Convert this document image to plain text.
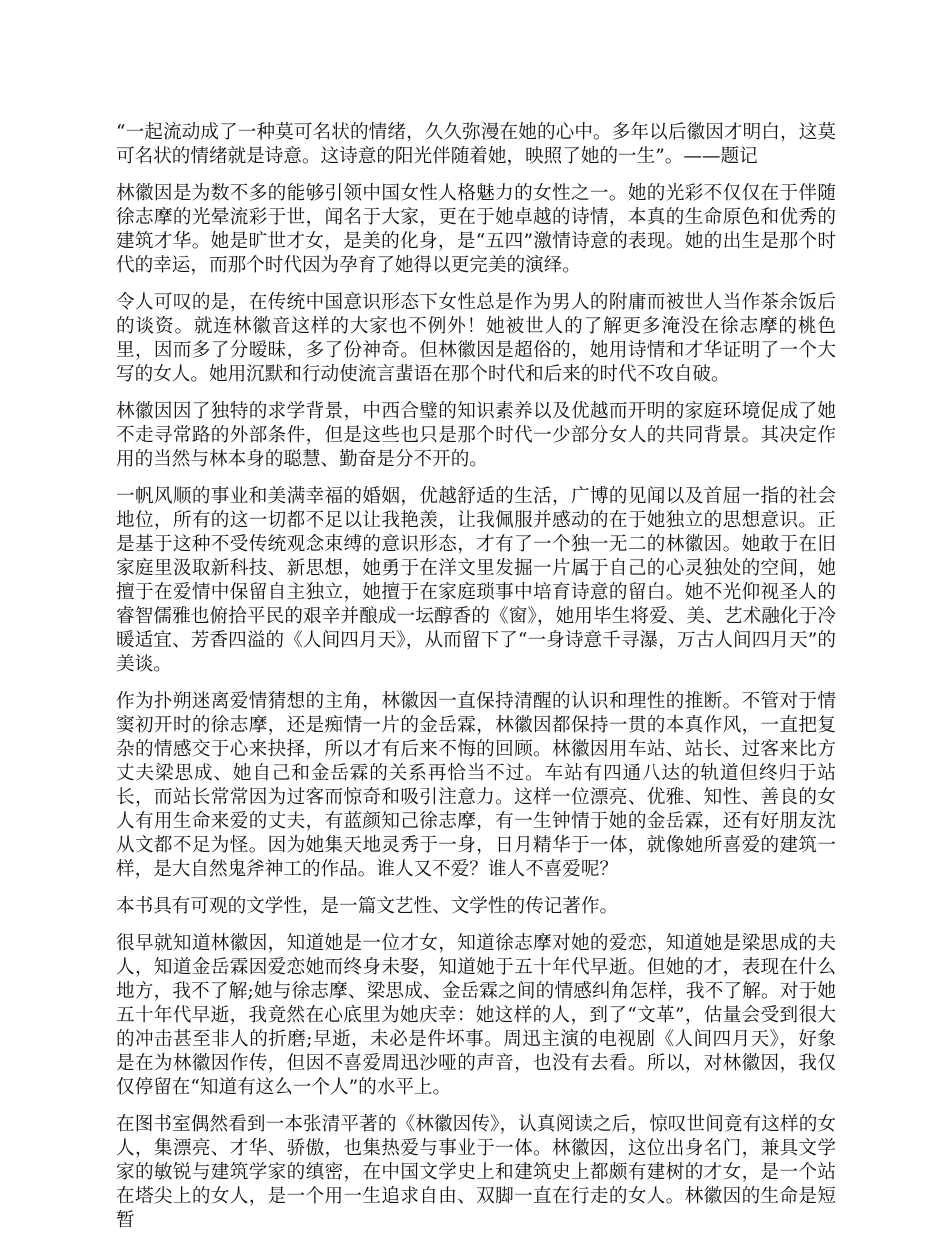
“一起流动成了一种莫可名状的情绪，久久弥漫在她的心中。多年以后徽因才明白，这莫可名状的情绪就是诗意。这诗意的阳光伴随着她，映照了她的一生”。——题记

林徽因是为数不多的能够引领中国女性人格魅力的女性之一。她的光彩不仅仅在于伴随徐志摩的光晕流彩于世，闻名于大家，更在于她卓越的诗情，本真的生命原色和优秀的建筑才华。她是旷世才女，是美的化身，是“五四”激情诗意的表现。她的出生是那个时代的幸运，而那个时代因为孕育了她得以更完美的演绎。

令人可叹的是，在传统中国意识形态下女性总是作为男人的附庸而被世人当作茶余饭后的谈资。就连林徽音这样的大家也不例外！她被世人的了解更多淹没在徐志摩的桃色里，因而多了分暧昧，多了份神奇。但林徽因是超俗的，她用诗情和才华证明了一个大写的女人。她用沉默和行动使流言蜚语在那个时代和后来的时代不攻自破。

林徽因因了独特的求学背景，中西合璧的知识素养以及优越而开明的家庭环境促成了她不走寻常路的外部条件，但是这些也只是那个时代一少部分女人的共同背景。其决定作用的当然与林本身的聪慧、勤奋是分不开的。

一帆风顺的事业和美满幸福的婚姻，优越舒适的生活，广博的见闻以及首屈一指的社会地位，所有的这一切都不足以让我艳羡，让我佩服并感动的在于她独立的思想意识。正是基于这种不受传统观念束缚的意识形态，才有了一个独一无二的林徽因。她敢于在旧家庭里汲取新科技、新思想，她勇于在洋文里发掘一片属于自己的心灵独处的空间，她擅于在爱情中保留自主独立，她擅于在家庭琐事中培育诗意的留白。她不光仰视圣人的睿智儒雅也俯拾平民的艰辛并酿成一坛醇香的《窗》，她用毕生将爱、美、艺术融化于冷暖适宜、芳香四溢的《人间四月天》，从而留下了“一身诗意千寻瀑，万古人间四月天”的美谈。

作为扑朔迷离爱情猜想的主角，林徽因一直保持清醒的认识和理性的推断。不管对于情窦初开时的徐志摩，还是痴情一片的金岳霖，林徽因都保持一贯的本真作风，一直把复杂的情感交于心来抉择，所以才有后来不悔的回顾。林徽因用车站、站长、过客来比方丈夫梁思成、她自己和金岳霖的关系再恰当不过。车站有四通八达的轨道但终归于站长，而站长常常因为过客而惊奇和吸引注意力。这样一位漂亮、优雅、知性、善良的女人有用生命来爱的丈夫，有蓝颜知己徐志摩，有一生钟情于她的金岳霖，还有好朋友沈从文都不足为怪。因为她集天地灵秀于一身，日月精华于一体，就像她所喜爱的建筑一样，是大自然鬼斧神工的作品。谁人又不爱？谁人不喜爱呢？

本书具有可观的文学性，是一篇文艺性、文学性的传记著作。

很早就知道林徽因，知道她是一位才女，知道徐志摩对她的爱恋，知道她是梁思成的夫人，知道金岳霖因爱恋她而终身未娶，知道她于五十年代早逝。但她的才，表现在什么地方，我不了解;她与徐志摩、梁思成、金岳霖之间的情感纠角怎样，我不了解。对于她五十年代早逝，我竟然在心底里为她庆幸：她这样的人，到了“文革”，估量会受到很大的冲击甚至非人的折磨;早逝，未必是件坏事。周迅主演的电视剧《人间四月天》，好象是在为林徽因作传，但因不喜爱周迅沙哑的声音，也没有去看。所以，对林徽因，我仅仅停留在“知道有这么一个人”的水平上。

在图书室偶然看到一本张清平著的《林徽因传》，认真阅读之后，惊叹世间竟有这样的女人，集漂亮、才华、骄傲，也集热爱与事业于一体。林徽因，这位出身名门，兼具文学家的敏锐与建筑学家的缜密，在中国文学史上和建筑史上都颇有建树的才女，是一个站在塔尖上的女人，是一个用一生追求自由、双脚一直在行走的女人。林徽因的生命是短暂
